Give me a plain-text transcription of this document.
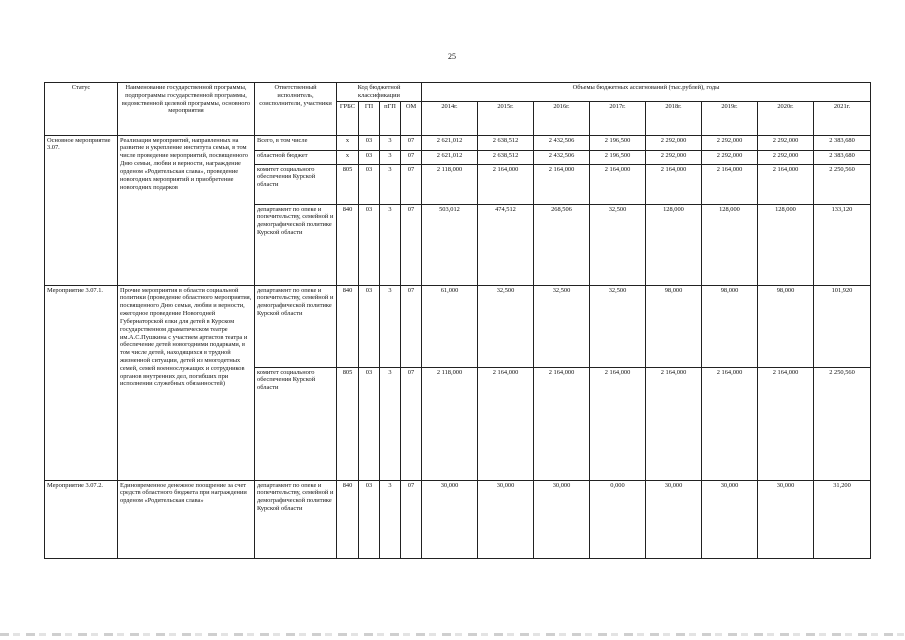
25
Статус	Наименование государственной программы, подпрограммы государственной программы, ведомственной целевой программы, основного мероприятия	Ответственный исполнитель, соисполнители, участники	Код бюджетной классификации				Объемы бюджетных ассигнований (тыс.рублей), годы							
			ГРБС	ГП	пГП	ОМ	2014г.	2015г.	2016г.	2017г.	2018г.	2019г.	2020г.	2021г.
Основное мероприятие 3.07.	Реализация мероприятий, направленных на развитие и укрепление института семьи, в том числе проведение мероприятий, посвященного Дню семьи, любви и верности, награждение орденом «Родительская слава», проведение новогодних мероприятий и приобретение новогодних подарков	Всего, в том числе	x	03	3	07	2 621,012	2 638,512	2 432,506	2 196,500	2 292,000	2 292,000	2 292,000	2 383,680
		областной бюджет	x	03	3	07	2 621,012	2 638,512	2 432,506	2 196,500	2 292,000	2 292,000	2 292,000	2 383,680
		комитет социального обеспечения Курской области	805	03	3	07	2 118,000	2 164,000	2 164,000	2 164,000	2 164,000	2 164,000	2 164,000	2 250,560
		департамент по опеке и попечительству, семейной и демографической политике Курской области	840	03	3	07	503,012	474,512	268,506	32,500	128,000	128,000	128,000	133,120
Мероприятие 3.07.1.	Прочие мероприятия в области социальной политики (проведение областного мероприятия, посвященного Дню семьи, любви и верности, ежегодное проведение Новогодней Губернаторской елки для детей в Курском государственном драматическом театре им.А.С.Пушкина с участием артистов театра и обеспечение детей новогодними подарками, в том числе детей, находящихся в трудной жизненной ситуации, детей из многодетных семей, семей военнослужащих и сотрудников органов внутренних дел, погибших при исполнении служебных обязанностей)	департамент по опеке и попечительству, семейной и демографической политике Курской области	840	03	3	07	61,000	32,500	32,500	32,500	98,000	98,000	98,000	101,920
		комитет социального обеспечения Курской области	805	03	3	07	2 118,000	2 164,000	2 164,000	2 164,000	2 164,000	2 164,000	2 164,000	2 250,560
Мероприятие 3.07.2.	Единовременное денежное поощрение за счет средств областного бюджета при награждении орденом «Родительская слава»	департамент по опеке и попечительству, семейной и демографической политике Курской области	840	03	3	07	30,000	30,000	30,000	0,000	30,000	30,000	30,000	31,200
